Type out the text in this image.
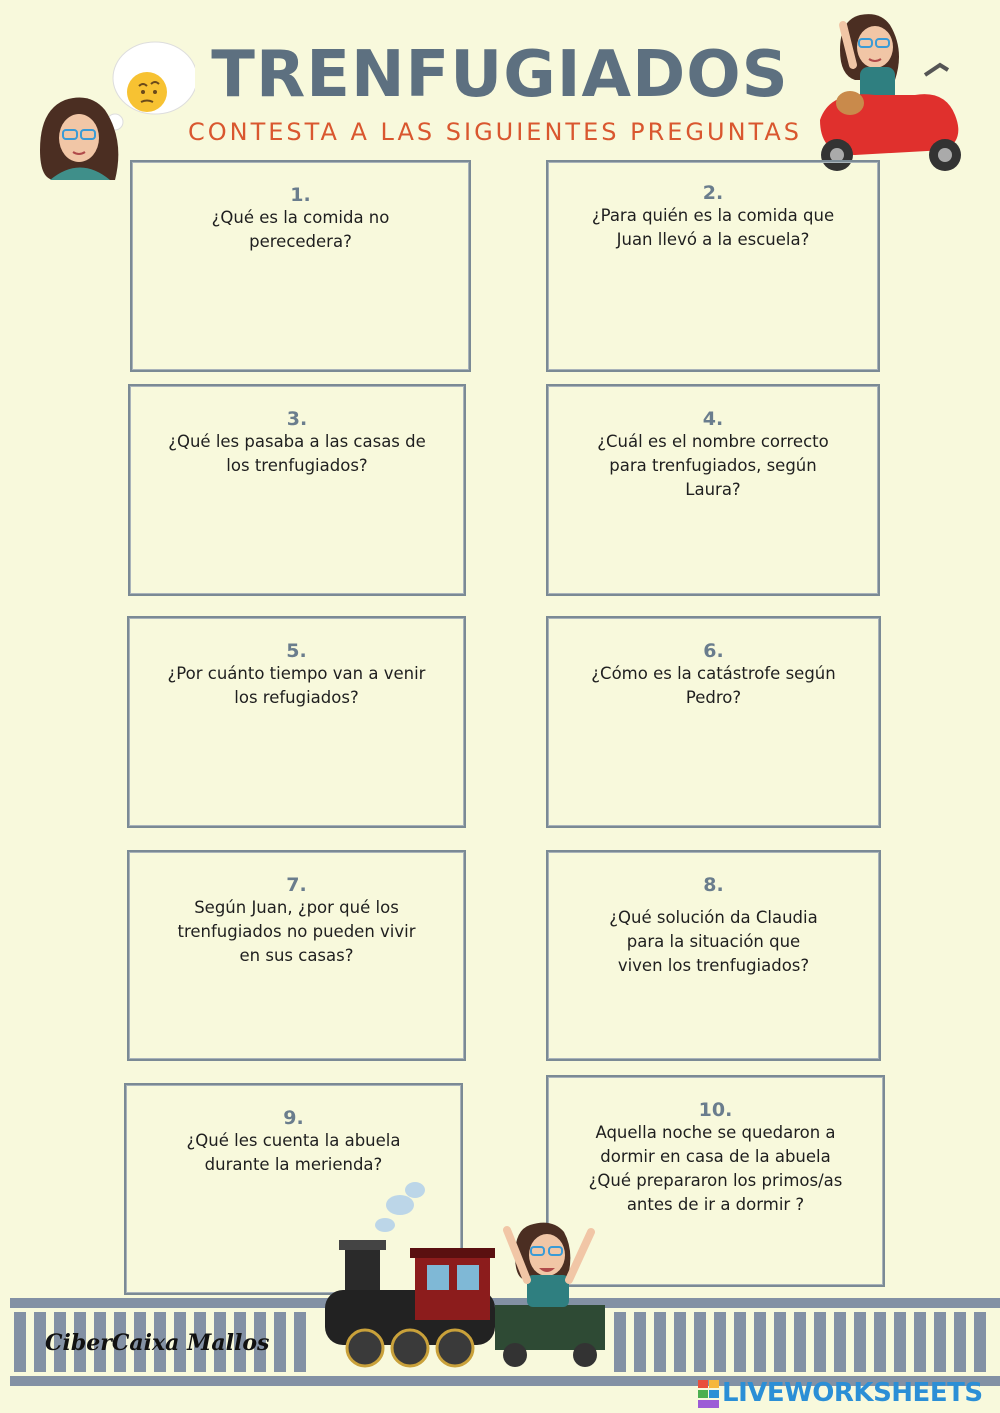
TRENFUGIADOS
CONTESTA A LAS SIGUIENTES PREGUNTAS
1.
¿Qué es la comida no
perecedera?
2.
¿Para quién es la comida que
Juan llevó a la escuela?
3.
¿Qué les pasaba a las casas de
los trenfugiados?
4.
¿Cuál es el nombre correcto
para trenfugiados, según
Laura?
5.
¿Por cuánto tiempo van a venir
los refugiados?
6.
¿Cómo es la catástrofe según
Pedro?
7.
Según Juan, ¿por qué los
trenfugiados no pueden vivir
en sus casas?
8.
¿Qué solución da Claudia
para la situación que
viven los trenfugiados?
9.
¿Qué les cuenta la abuela
durante la merienda?
10.
Aquella noche se quedaron a
dormir en casa de la abuela
¿Qué prepararon los primos/as
antes de ir a dormir ?
CiberCaixa Mallos
LIVEWORKSHEETS
